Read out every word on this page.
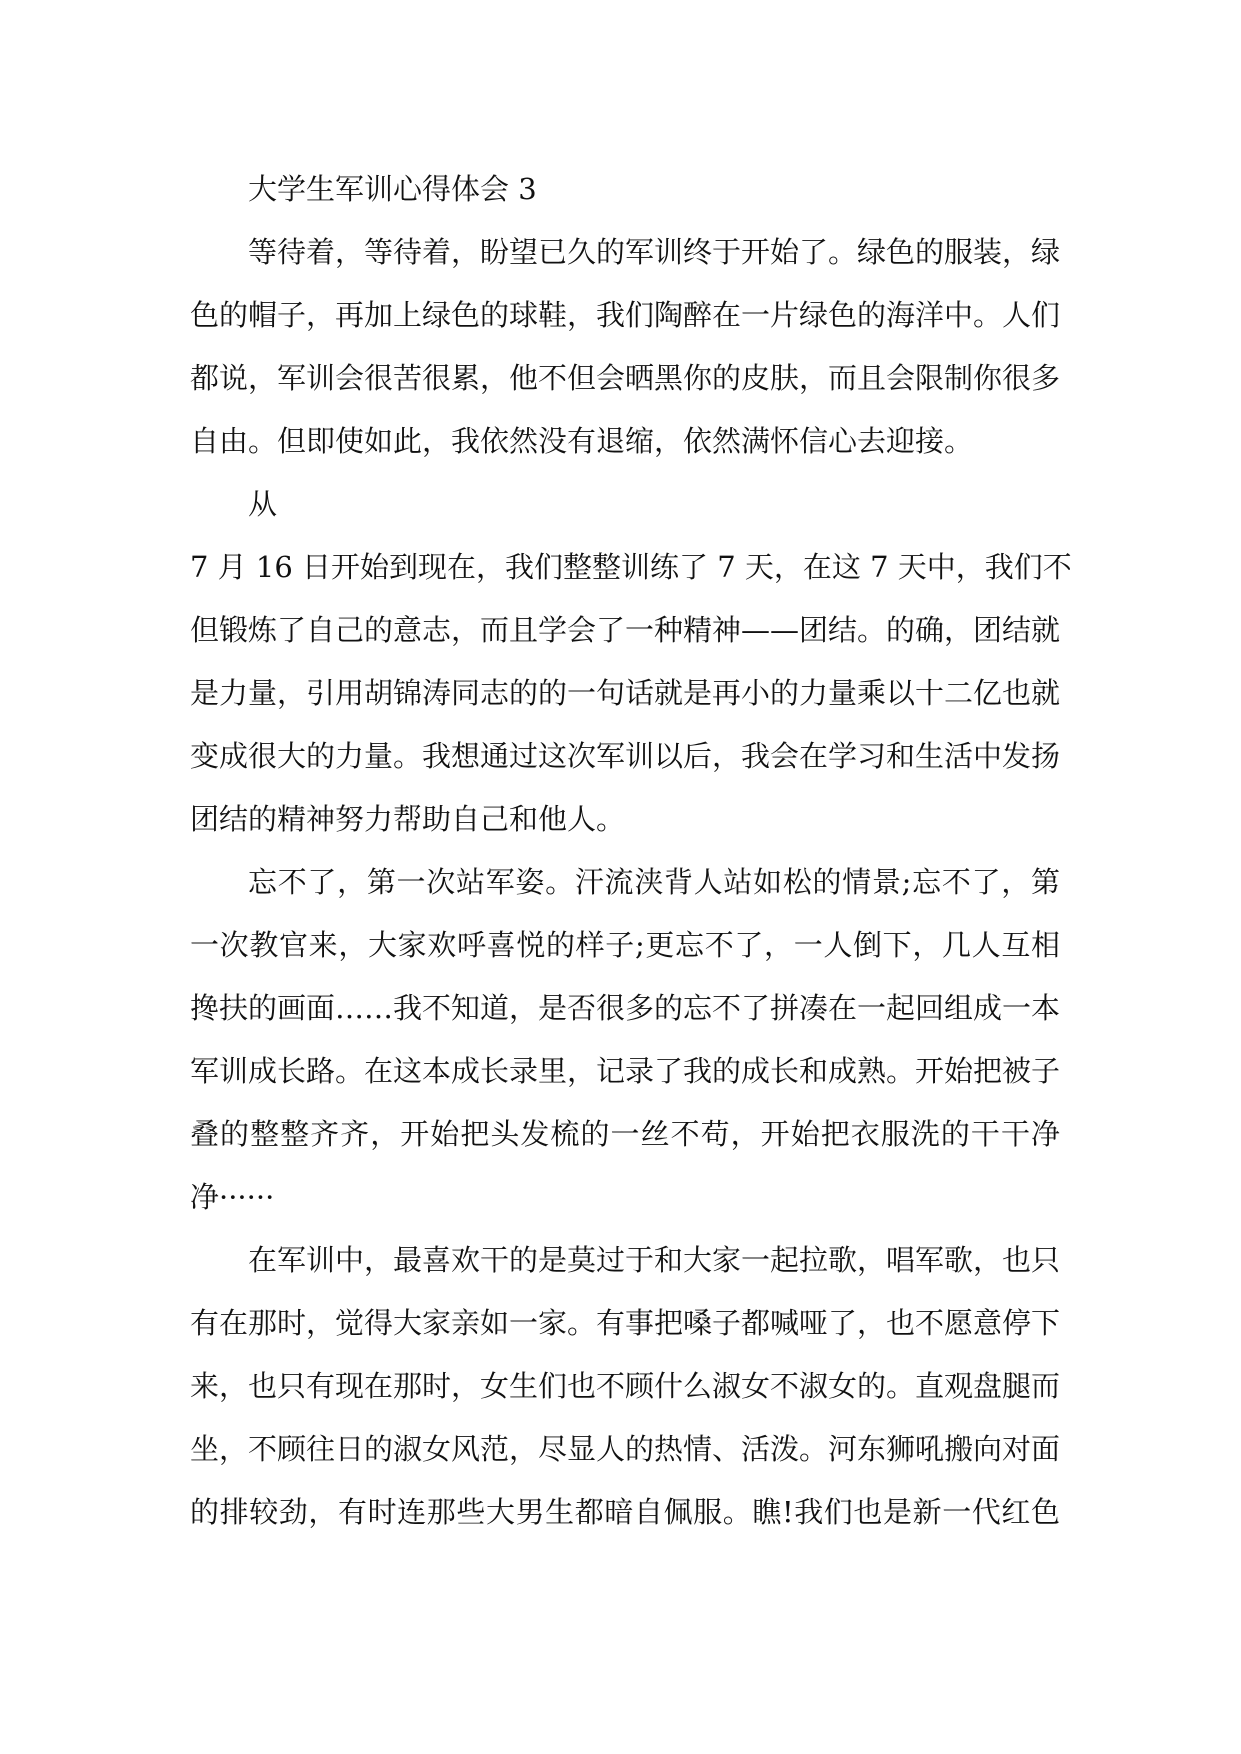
大学生军训心得体会 3
等待着，等待着，盼望已久的军训终于开始了。绿色的服装，绿
色的帽子，再加上绿色的球鞋，我们陶醉在一片绿色的海洋中。人们
都说，军训会很苦很累，他不但会晒黑你的皮肤，而且会限制你很多
自由。但即使如此，我依然没有退缩，依然满怀信心去迎接。
从
7 月 16 日开始到现在，我们整整训练了 7 天，在这 7 天中，我们不
但锻炼了自己的意志，而且学会了一种精神——团结。的确，团结就
是力量，引用胡锦涛同志的的一句话就是再小的力量乘以十二亿也就
变成很大的力量。我想通过这次军训以后，我会在学习和生活中发扬
团结的精神努力帮助自己和他人。
忘不了，第一次站军姿。汗流浃背人站如松的情景;忘不了，第
一次教官来，大家欢呼喜悦的样子;更忘不了，一人倒下，几人互相
搀扶的画面……我不知道，是否很多的忘不了拼凑在一起回组成一本
军训成长路。在这本成长录里，记录了我的成长和成熟。开始把被子
叠的整整齐齐，开始把头发梳的一丝不苟，开始把衣服洗的干干净
净······
在军训中，最喜欢干的是莫过于和大家一起拉歌，唱军歌，也只
有在那时，觉得大家亲如一家。有事把嗓子都喊哑了，也不愿意停下
来，也只有现在那时，女生们也不顾什么淑女不淑女的。直观盘腿而
坐，不顾往日的淑女风范，尽显人的热情、活泼。河东狮吼搬向对面
的排较劲，有时连那些大男生都暗自佩服。瞧!我们也是新一代红色
